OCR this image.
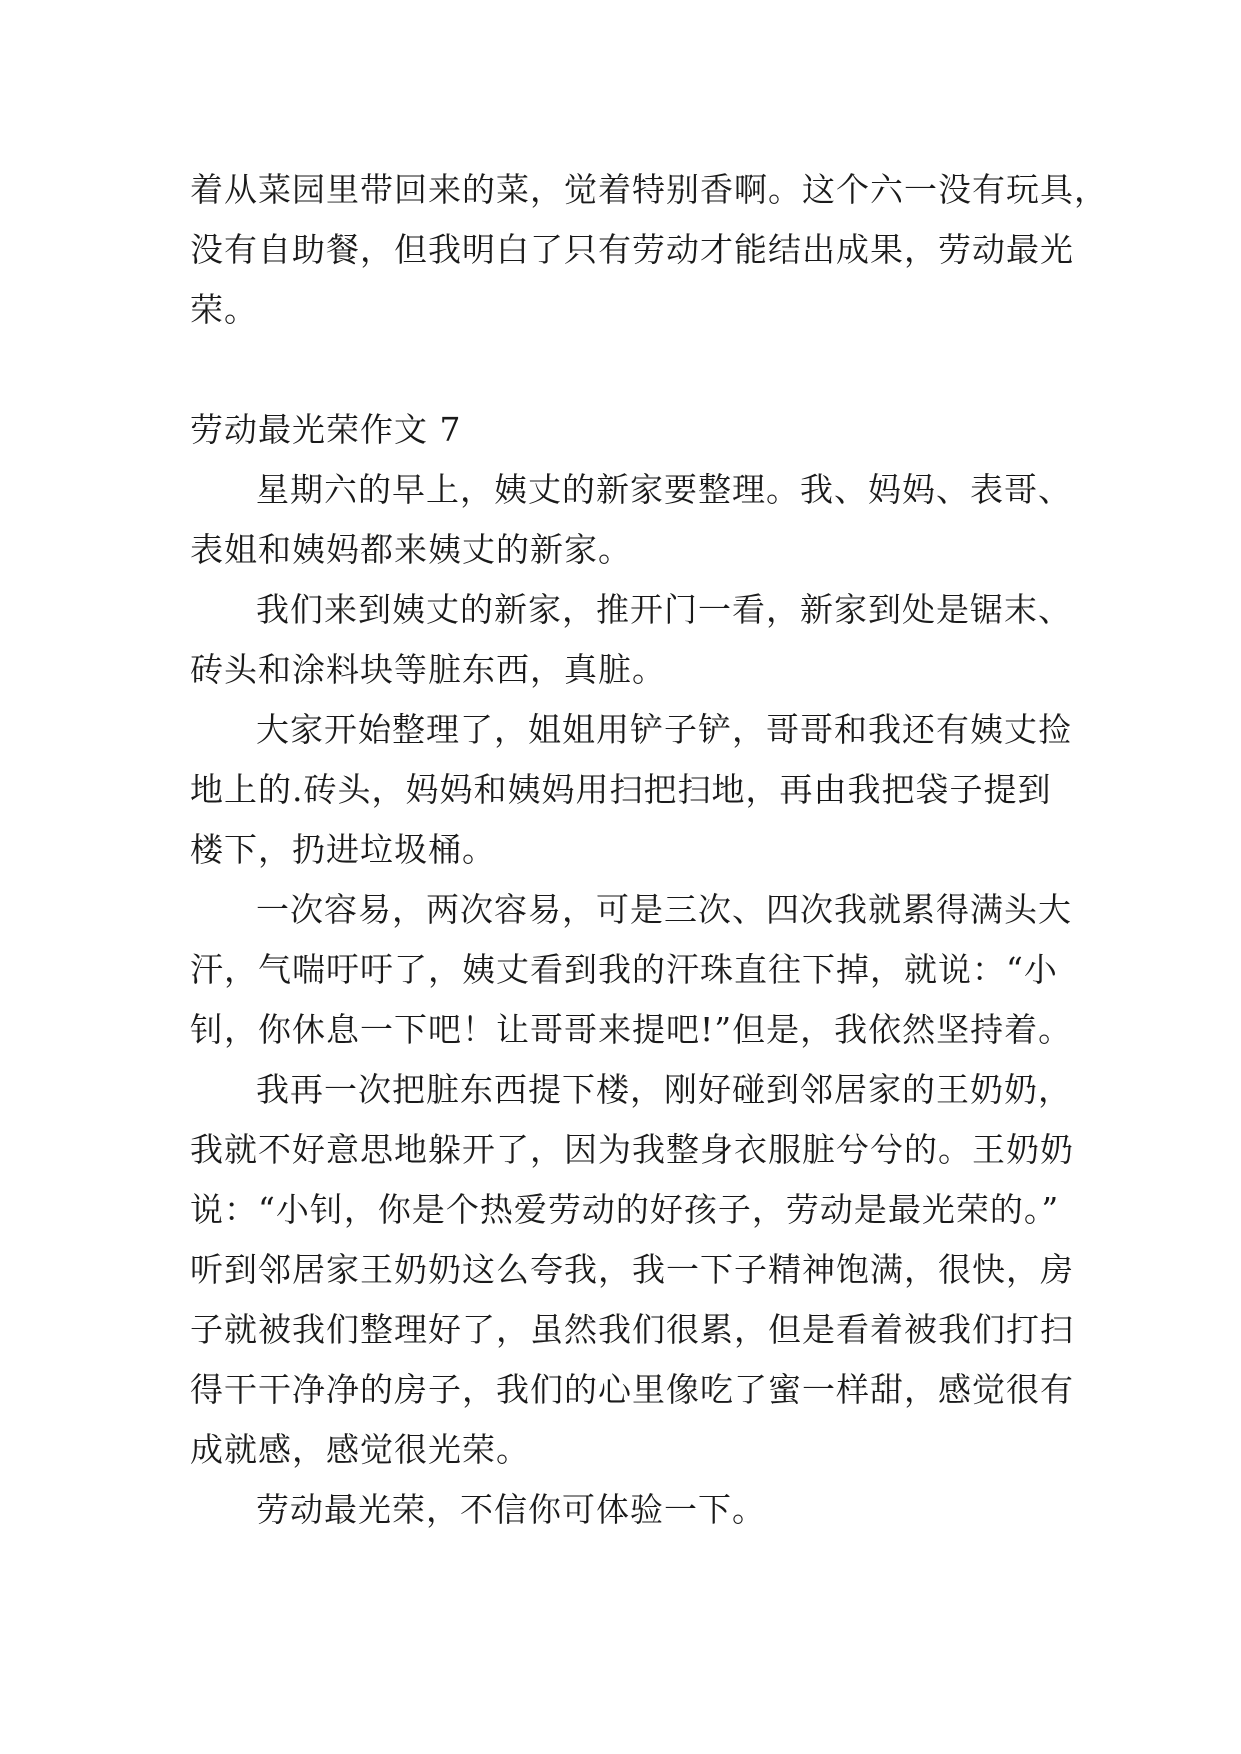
着从菜园里带回来的菜，觉着特别香啊。这个六一没有玩具，
没有自助餐，但我明白了只有劳动才能结出成果，劳动最光
荣。
劳动最光荣作文 7
星期六的早上，姨丈的新家要整理。我、妈妈、表哥、
表姐和姨妈都来姨丈的新家。
我们来到姨丈的新家，推开门一看，新家到处是锯末、
砖头和涂料块等脏东西，真脏。
大家开始整理了，姐姐用铲子铲，哥哥和我还有姨丈捡
地上的.砖头，妈妈和姨妈用扫把扫地，再由我把袋子提到
楼下，扔进垃圾桶。
一次容易，两次容易，可是三次、四次我就累得满头大
汗，气喘吁吁了，姨丈看到我的汗珠直往下掉，就说：“小
钊，你休息一下吧！让哥哥来提吧!”但是，我依然坚持着。
我再一次把脏东西提下楼，刚好碰到邻居家的王奶奶，
我就不好意思地躲开了，因为我整身衣服脏兮兮的。王奶奶
说：“小钊，你是个热爱劳动的好孩子，劳动是最光荣的。”
听到邻居家王奶奶这么夸我，我一下子精神饱满，很快，房
子就被我们整理好了，虽然我们很累，但是看着被我们打扫
得干干净净的房子，我们的心里像吃了蜜一样甜，感觉很有
成就感，感觉很光荣。
劳动最光荣，不信你可体验一下。
